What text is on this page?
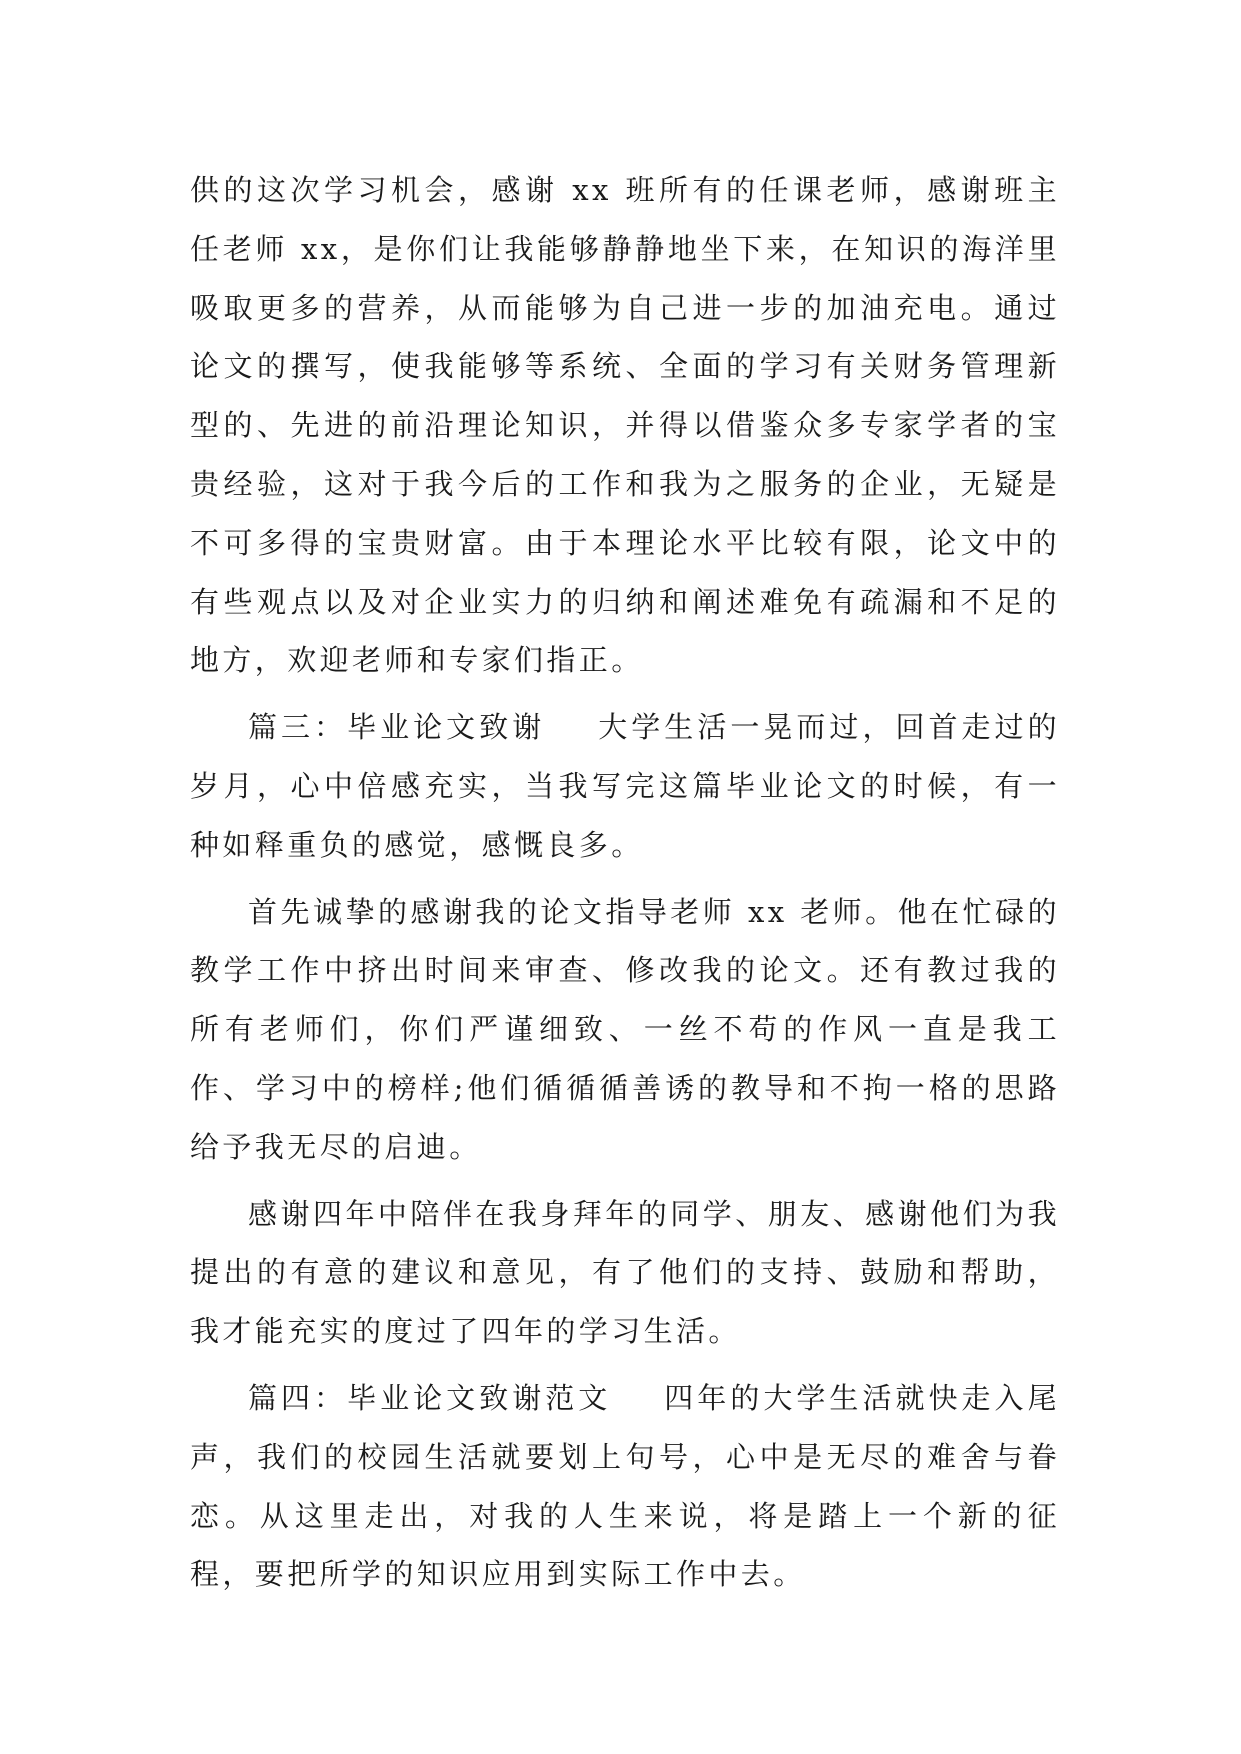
供的这次学习机会，感谢 xx 班所有的任课老师，感谢班主任老师 xx，是你们让我能够静静地坐下来，在知识的海洋里吸取更多的营养，从而能够为自己进一步的加油充电。通过论文的撰写，使我能够等系统、全面的学习有关财务管理新型的、先进的前沿理论知识，并得以借鉴众多专家学者的宝贵经验，这对于我今后的工作和我为之服务的企业，无疑是不可多得的宝贵财富。由于本理论水平比较有限，论文中的有些观点以及对企业实力的归纳和阐述难免有疏漏和不足的地方，欢迎老师和专家们指正。

篇三：毕业论文致谢 大学生活一晃而过，回首走过的岁月，心中倍感充实，当我写完这篇毕业论文的时候，有一种如释重负的感觉，感慨良多。

首先诚挚的感谢我的论文指导老师 xx 老师。他在忙碌的教学工作中挤出时间来审查、修改我的论文。还有教过我的所有老师们，你们严谨细致、一丝不苟的作风一直是我工作、学习中的榜样;他们循循循善诱的教导和不拘一格的思路给予我无尽的启迪。

感谢四年中陪伴在我身拜年的同学、朋友、感谢他们为我提出的有意的建议和意见，有了他们的支持、鼓励和帮助，我才能充实的度过了四年的学习生活。

篇四：毕业论文致谢范文 四年的大学生活就快走入尾声，我们的校园生活就要划上句号，心中是无尽的难舍与眷恋。从这里走出，对我的人生来说，将是踏上一个新的征程，要把所学的知识应用到实际工作中去。
